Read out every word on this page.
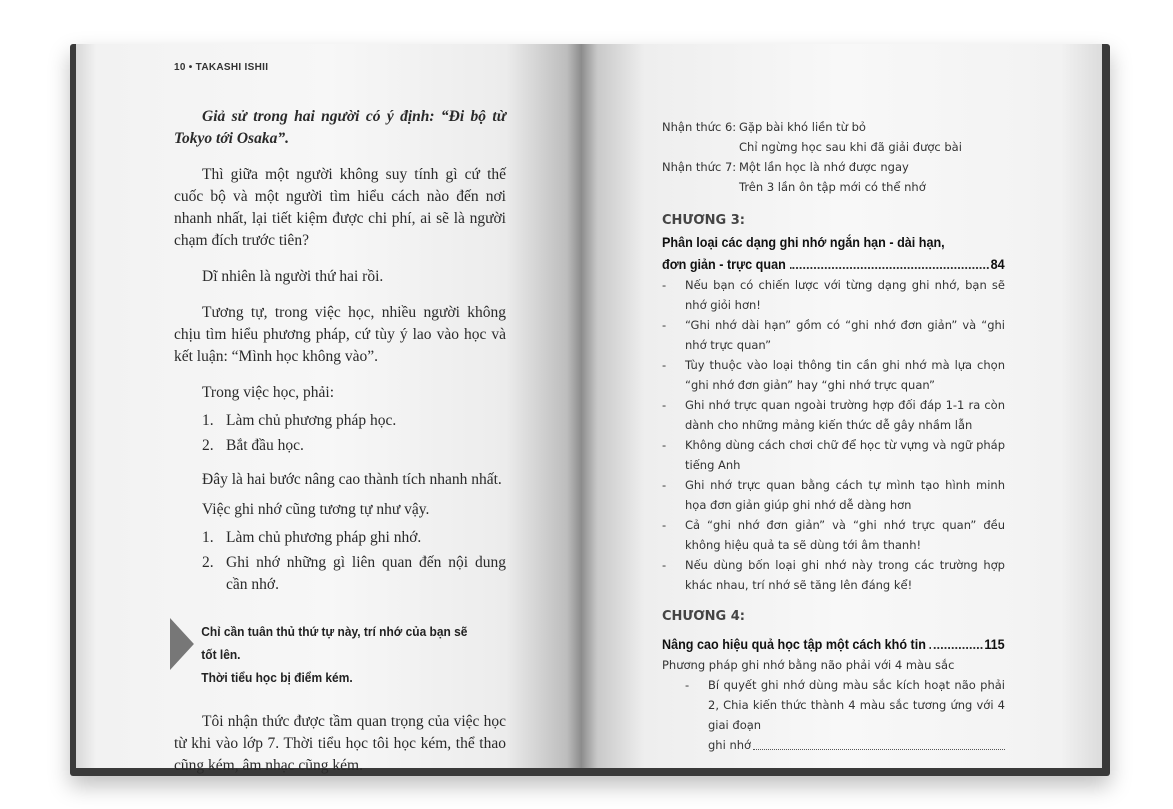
10 • TAKASHI ISHII

Giả sử trong hai người có ý định: “Đi bộ từ Tokyo tới Osaka”.

Thì giữa một người không suy tính gì cứ thế cuốc bộ và một người tìm hiểu cách nào đến nơi nhanh nhất, lại tiết kiệm được chi phí, ai sẽ là người chạm đích trước tiên?

Dĩ nhiên là người thứ hai rồi.

Tương tự, trong việc học, nhiều người không chịu tìm hiểu phương pháp, cứ tùy ý lao vào học và kết luận: “Mình học không vào”.

Trong việc học, phải:

1. Làm chủ phương pháp học.
2. Bắt đầu học.

Đây là hai bước nâng cao thành tích nhanh nhất.

Việc ghi nhớ cũng tương tự như vậy.

1. Làm chủ phương pháp ghi nhớ.
2. Ghi nhớ những gì liên quan đến nội dung cần nhớ.
Chỉ cần tuân thủ thứ tự này, trí nhớ của bạn sẽ tốt lên.
Thời tiểu học bị điểm kém.

Tôi nhận thức được tầm quan trọng của việc học từ khi vào lớp 7. Thời tiểu học tôi học kém, thể thao cũng kém, âm nhạc cũng kém.

Nhận thức 6: Gặp bài khó liền từ bỏ
Chỉ ngừng học sau khi đã giải được bài
Nhận thức 7: Một lần học là nhớ được ngay
Trên 3 lần ôn tập mới có thể nhớ
CHƯƠNG 3:
Phân loại các dạng ghi nhớ ngắn hạn - dài hạn,
đơn giản - trực quan	84
-	Nếu bạn có chiến lược với từng dạng ghi nhớ, bạn sẽ nhớ giỏi hơn!
-	“Ghi nhớ dài hạn” gồm có “ghi nhớ đơn giản” và “ghi nhớ trực quan”
-	Tùy thuộc vào loại thông tin cần ghi nhớ mà lựa chọn “ghi nhớ đơn giản” hay “ghi nhớ trực quan”
-	Ghi nhớ trực quan ngoài trường hợp đối đáp 1-1 ra còn dành cho những mảng kiến thức dễ gây nhầm lẫn
-	Không dùng cách chơi chữ để học từ vựng và ngữ pháp tiếng Anh
-	Ghi nhớ trực quan bằng cách tự mình tạo hình minh họa đơn giản giúp ghi nhớ dễ dàng hơn
-	Cả “ghi nhớ đơn giản” và “ghi nhớ trực quan” đều không hiệu quả ta sẽ dùng tới âm thanh!
-	Nếu dùng bốn loại ghi nhớ này trong các trường hợp khác nhau, trí nhớ sẽ tăng lên đáng kể!
CHƯƠNG 4:
Nâng cao hiệu quả học tập một cách khó tin	115
Phương pháp ghi nhớ bằng não phải với 4 màu sắc
-	Bí quyết ghi nhớ dùng màu sắc kích hoạt não phải 2, Chia kiến thức thành 4 màu sắc tương ứng với 4 giai đoạn
ghi nhớ
